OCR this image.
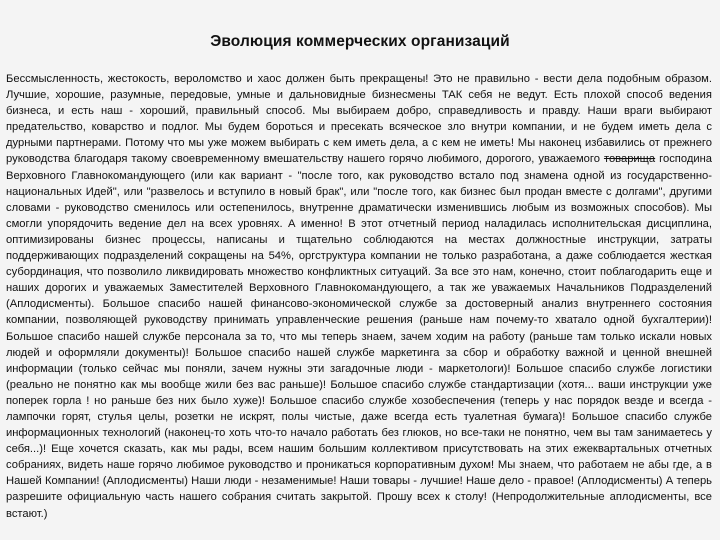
Эволюция коммерческих организаций
Бессмысленность, жестокость, вероломство и хаос должен быть прекращены! Это не правильно - вести дела подобным образом. Лучшие, хорошие, разумные, передовые, умные и дальновидные бизнесмены ТАК себя не ведут. Есть плохой способ ведения бизнеса, и есть наш - хороший, правильный способ. Мы выбираем добро, справедливость и правду. Наши враги выбирают предательство, коварство и подлог. Мы будем бороться и пресекать всяческое зло внутри компании, и не будем иметь дела с дурными партнерами. Потому что мы уже можем выбирать с кем иметь дела, а с кем не иметь! Мы наконец избавились от прежнего руководства благодаря такому своевременному вмешательству нашего горячо любимого, дорогого, уважаемого товарища господина Верховного Главнокомандующего (или как вариант - "после того, как руководство встало под знамена одной из государственно-национальных Идей", или "развелось и вступило в новый брак", или "после того, как бизнес был продан вместе с долгами", другими словами - руководство сменилось или остепенилось, внутренне драматически изменившись любым из возможных способов). Мы смогли упорядочить ведение дел на всех уровнях. А именно! В этот отчетный период наладилась исполнительская дисциплина, оптимизированы бизнес процессы, написаны и тщательно соблюдаются на местах должностные инструкции, затраты поддерживающих подразделений сокращены на 54%, оргструктура компании не только разработана, а даже соблюдается жесткая субординация, что позволило ликвидировать множество конфликтных ситуаций. За все это нам, конечно, стоит поблагодарить еще и наших дорогих и уважаемых Заместителей Верховного Главнокомандующего, а так же уважаемых Начальников Подразделений (Аплодисменты). Большое спасибо нашей финансово-экономической службе за достоверный анализ внутреннего состояния компании, позволяющей руководству принимать управленческие решения (раньше нам почему-то хватало одной бухгалтерии)! Большое спасибо нашей службе персонала за то, что мы теперь знаем, зачем ходим на работу (раньше там только искали новых людей и оформляли документы)! Большое спасибо нашей службе маркетинга за сбор и обработку важной и ценной внешней информации (только сейчас мы поняли, зачем нужны эти загадочные люди - маркетологи)! Большое спасибо службе логистики (реально не понятно как мы вообще жили без вас раньше)! Большое спасибо службе стандартизации (хотя... ваши инструкции уже поперек горла ! но раньше без них было хуже)! Большое спасибо службе хозобеспечения (теперь у нас порядок везде и всегда - лампочки горят, стулья целы, розетки не искрят, полы чистые, даже всегда есть туалетная бумага)! Большое спасибо службе информационных технологий (наконец-то хоть что-то начало работать без глюков, но все-таки не понятно, чем вы там занимаетесь у себя...)! Еще хочется сказать, как мы рады, всем нашим большим коллективом присутствовать на этих ежеквартальных отчетных собраниях, видеть наше горячо любимое руководство и проникаться корпоративным духом! Мы знаем, что работаем не абы где, а в Нашей Компании! (Аплодисменты) Наши люди - незаменимые! Наши товары - лучшие! Наше дело - правое! (Аплодисменты) А теперь разрешите официальную часть нашего собрания считать закрытой. Прошу всех к столу! (Непродолжительные аплодисменты, все встают.)
